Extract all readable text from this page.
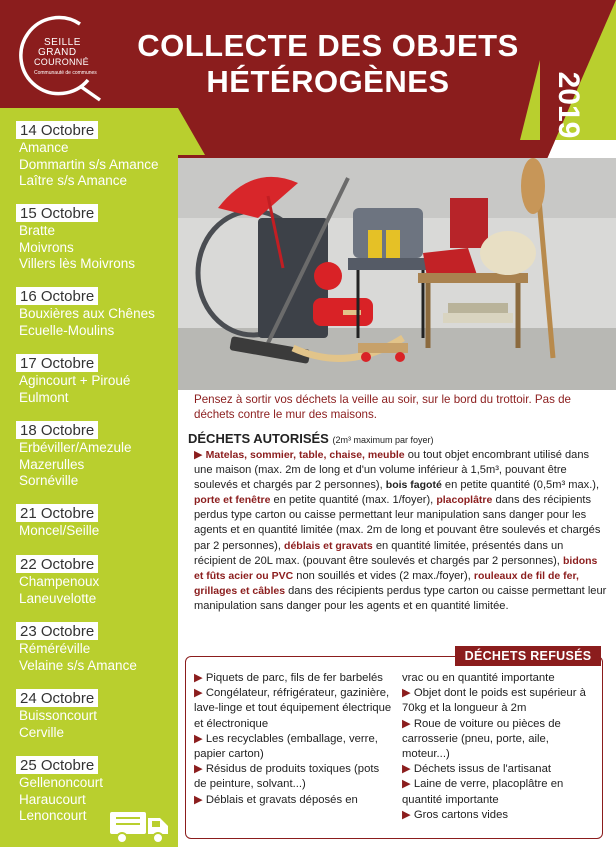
SEILLE
GRAND
COURONNÉ
Communauté de communes
COLLECTE DES OBJETS
HÉTÉROGÈNES	2019
14 Octobre
Amance
Dommartin s/s Amance
Laître s/s Amance
15 Octobre
Bratte
Moivrons
Villers lès Moivrons
16 Octobre
Bouxières aux Chênes
Ecuelle-Moulins
17 Octobre
Agincourt + Piroué
Eulmont
18 Octobre
Erbéviller/Amezule
Mazerulles
Sornéville
21 Octobre
Moncel/Seille
22 Octobre
Champenoux
Laneuvelotte
23 Octobre
Réméréville
Velaine s/s Amance
24 Octobre
Buissoncourt
Cerville
25 Octobre
Gellenoncourt
Haraucourt
Lenoncourt
Pensez à sortir vos déchets la veille au soir, sur le bord du trottoir. Pas de déchets contre le mur des maisons.
DÉCHETS AUTORISÉS (2m³ maximum par foyer)
▶ Matelas, sommier, table, chaise, meuble ou tout objet encombrant utilisé dans une maison (max. 2m de long et d'un volume inférieur à 1,5m³, pouvant être soulevés et chargés par 2 personnes), bois fagoté en petite quantité (0,5m³ max.), porte et fenêtre en petite quantité (max. 1/foyer), placoplâtre dans des récipients perdus type carton ou caisse permettant leur manipulation sans danger pour les agents et en quantité limitée (max. 2m de long et pouvant être soulevés et chargés par 2 personnes), déblais et gravats en quantité limitée, présentés dans un récipient de 20L max. (pouvant être soulevés et chargés par 2 personnes), bidons et fûts acier ou PVC non souillés et vides (2 max./foyer), rouleaux de fil de fer, grillages et câbles dans des récipients perdus type carton ou caisse permettant leur manipulation sans danger pour les agents et en quantité limitée.
DÉCHETS REFUSÉS
▶ Piquets de parc, fils de fer barbelés
▶ Congélateur, réfrigérateur, gazinière, lave-linge et tout équipement électrique et électronique
▶ Les recyclables (emballage, verre, papier carton)
▶ Résidus de produits toxiques (pots de peinture, solvant...)
▶ Déblais et gravats déposés en
vrac ou en quantité importante
▶ Objet dont le poids est supérieur à 70kg et la longueur à 2m
▶ Roue de voiture ou pièces de carrosserie (pneu, porte, aile, moteur...)
▶ Déchets issus de l'artisanat
▶ Laine de verre, placoplâtre en quantité importante
▶ Gros cartons vides
